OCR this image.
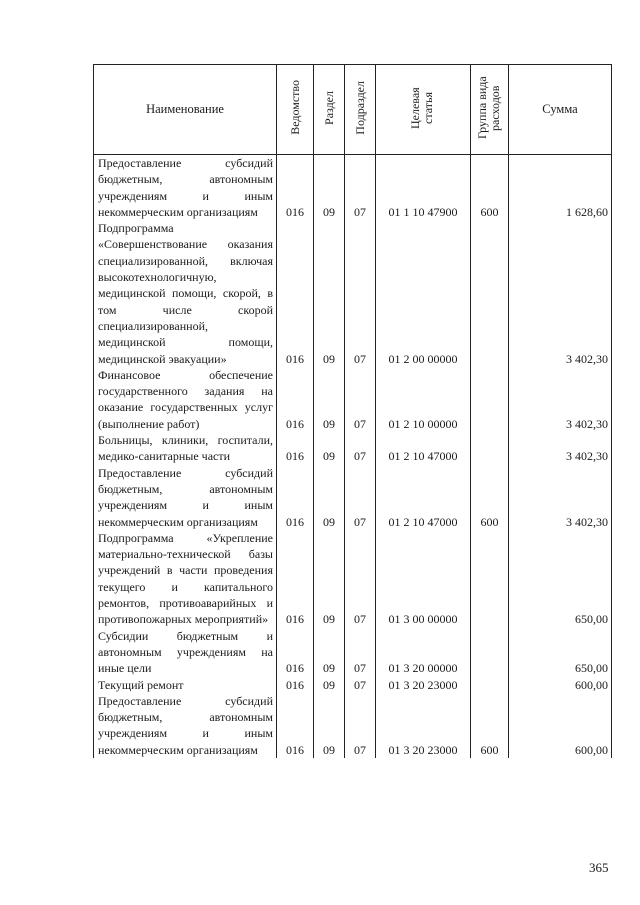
Наименование	Ведомство	Раздел	Подраздел	Целевая статья	Группа вида расходов	Сумма
Предоставление субсидий бюджетным, автономным учреждениям и иным некоммерческим организациям	016	09	07	01 1 10 47900	600	1 628,60
Подпрограмма «Совершенствование оказания специализированной, включая высокотехнологичную, медицинской помощи, скорой, в том числе скорой специализированной, медицинской помощи, медицинской эвакуации»	016	09	07	01 2 00 00000		3 402,30
Финансовое обеспечение государственного задания на оказание государственных услуг (выполнение работ)	016	09	07	01 2 10 00000		3 402,30
Больницы, клиники, госпитали, медико-санитарные части	016	09	07	01 2 10 47000		3 402,30
Предоставление субсидий бюджетным, автономным учреждениям и иным некоммерческим организациям	016	09	07	01 2 10 47000	600	3 402,30
Подпрограмма «Укрепление материально-технической базы учреждений в части проведения текущего и капитального ремонтов, противоаварийных и противопожарных мероприятий»	016	09	07	01 3 00 00000		650,00
Субсидии бюджетным и автономным учреждениям на иные цели	016	09	07	01 3 20 00000		650,00
Текущий ремонт	016	09	07	01 3 20 23000		600,00
Предоставление субсидий бюджетным, автономным учреждениям и иным некоммерческим организациям	016	09	07	01 3 20 23000	600	600,00
365
